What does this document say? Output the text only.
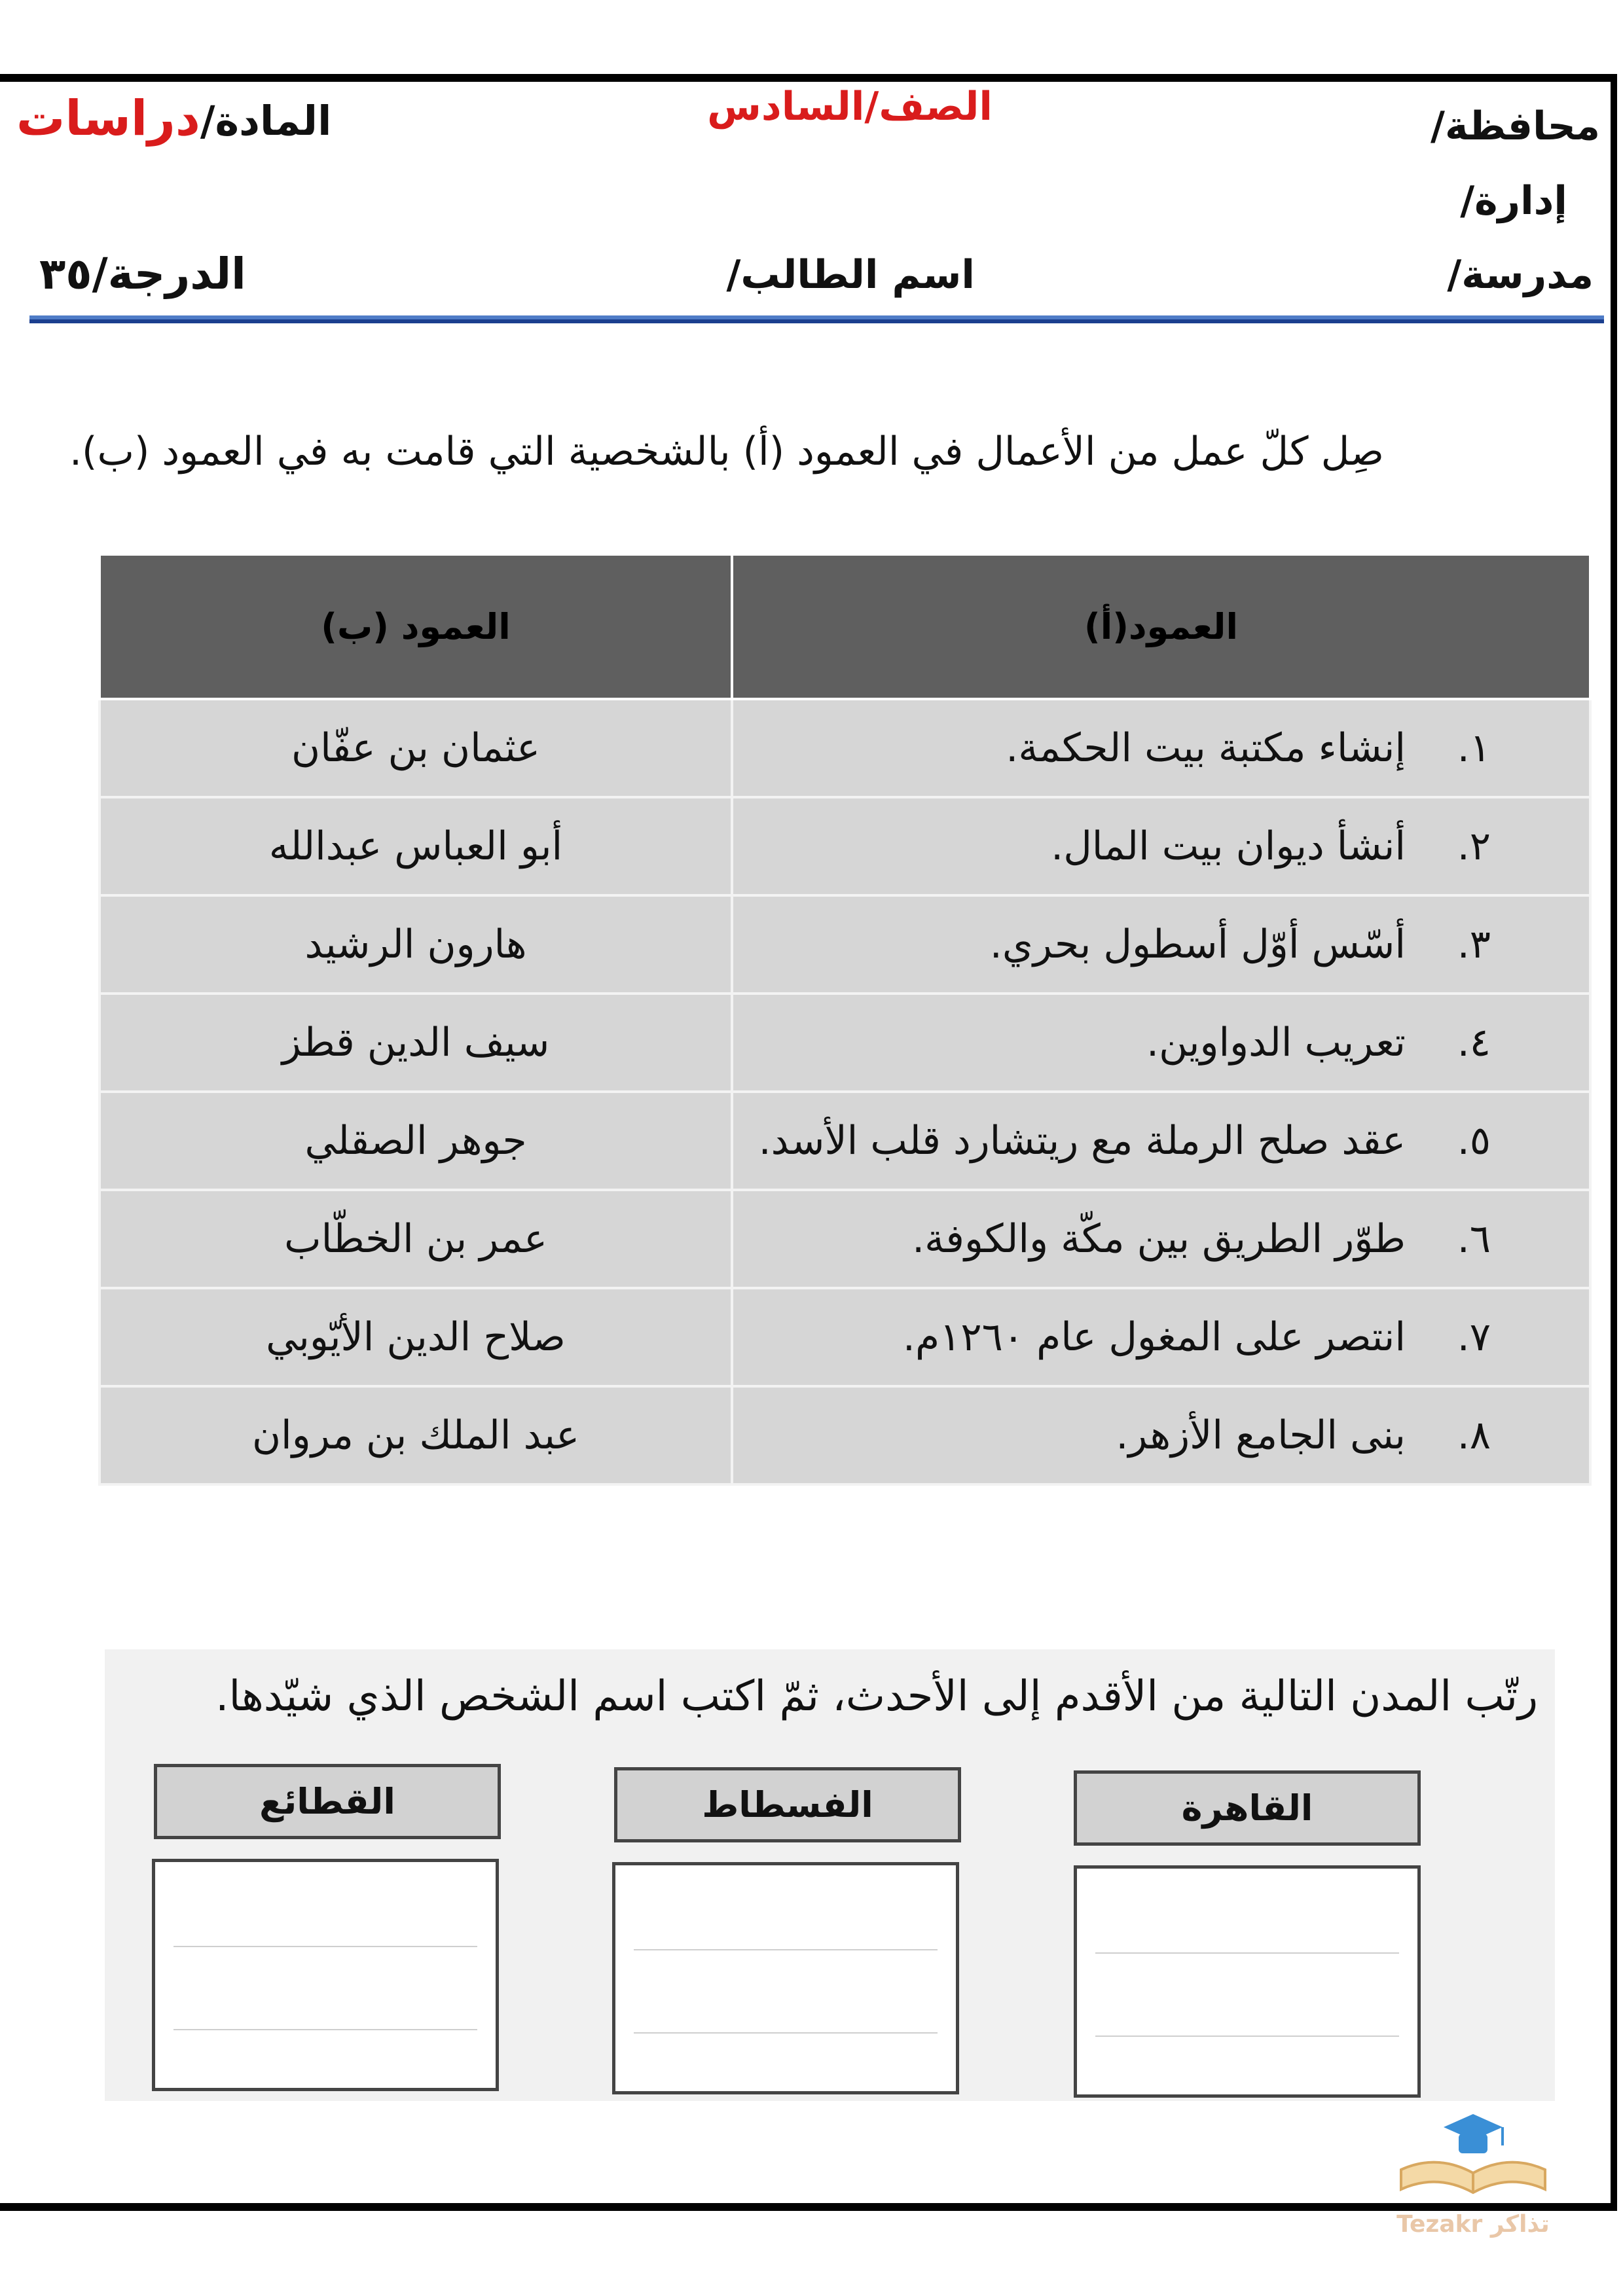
محافظة/
إدارة/
مدرسة/
الصف/السادس
اسم الطالب/
المادة/دراسات
الدرجة/٣٥
صِل كلّ عمل من الأعمال في العمود (أ) بالشخصية التي قامت به في العمود (ب).
العمود(أ)	العمود (ب)
١.إنشاء مكتبة بيت الحكمة.	عثمان بن عفّان
٢.أنشأ ديوان بيت المال.	أبو العباس عبدالله
٣.أسّس أوّل أسطول بحري.	هارون الرشيد
٤.تعريب الدواوين.	سيف الدين قطز
٥.عقد صلح الرملة مع ريتشارد قلب الأسد.	جوهر الصقلي
٦.طوّر الطريق بين مكّة والكوفة.	عمر بن الخطّاب
٧.انتصر على المغول عام ١٢٦٠م.	صلاح الدين الأيّوبي
٨.بنى الجامع الأزهر.	عبد الملك بن مروان
رتّب المدن التالية من الأقدم إلى الأحدث، ثمّ اكتب اسم الشخص الذي شيّدها.
القاهرة
الفسطاط
القطائع
تذاكر Tezakr
